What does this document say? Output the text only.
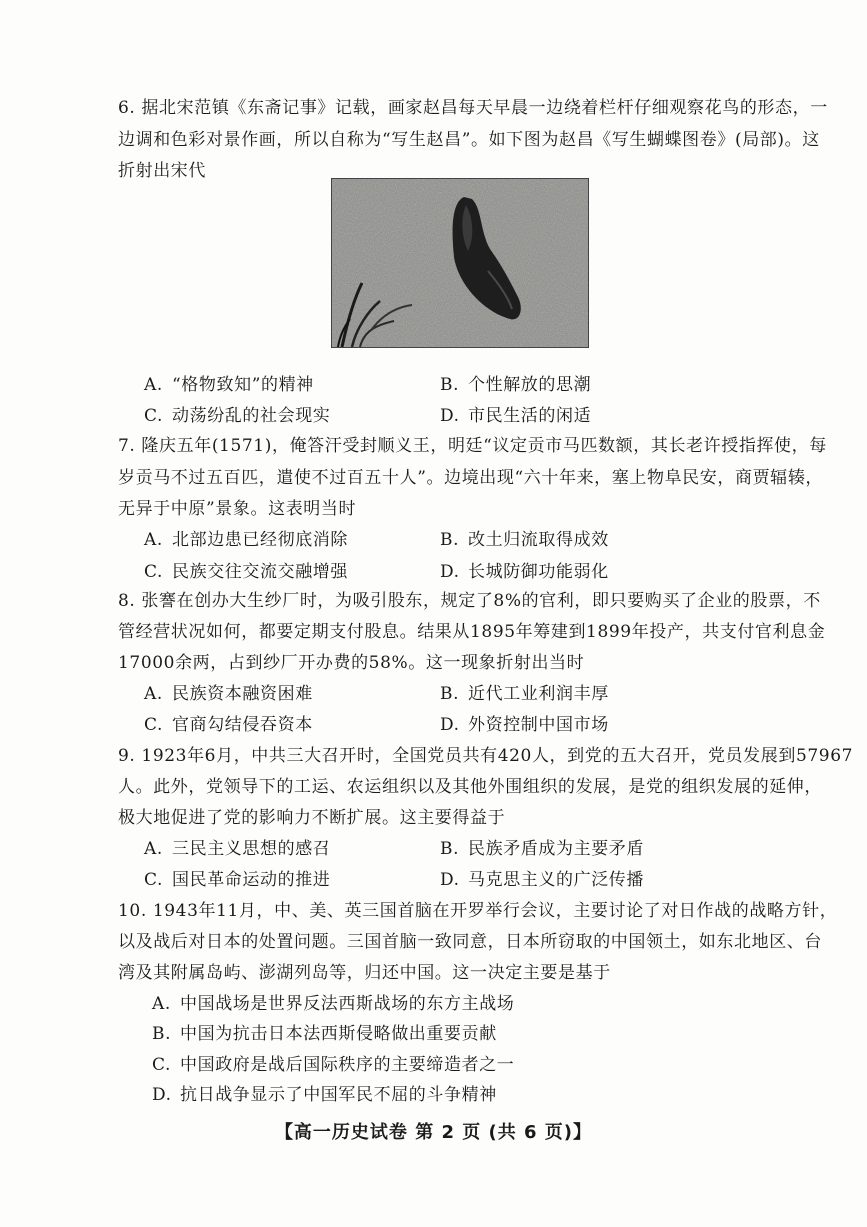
6. 据北宋范镇《东斋记事》记载，画家赵昌每天早晨一边绕着栏杆仔细观察花鸟的形态，一
边调和色彩对景作画，所以自称为“写生赵昌”。如下图为赵昌《写生蝴蝶图卷》(局部)。这
折射出宋代
A. “格物致知”的精神	B. 个性解放的思潮
C. 动荡纷乱的社会现实	D. 市民生活的闲适
7. 隆庆五年(1571)，俺答汗受封顺义王，明廷“议定贡市马匹数额，其长老许授指挥使，每
岁贡马不过五百匹，遣使不过百五十人”。边境出现“六十年来，塞上物阜民安，商贾辐辏，
无异于中原”景象。这表明当时
A. 北部边患已经彻底消除	B. 改土归流取得成效
C. 民族交往交流交融增强	D. 长城防御功能弱化
8. 张謇在创办大生纱厂时，为吸引股东，规定了8%的官利，即只要购买了企业的股票，不
管经营状况如何，都要定期支付股息。结果从1895年筹建到1899年投产，共支付官利息金
17000余两，占到纱厂开办费的58%。这一现象折射出当时
A. 民族资本融资困难	B. 近代工业利润丰厚
C. 官商勾结侵吞资本	D. 外资控制中国市场
9. 1923年6月，中共三大召开时，全国党员共有420人，到党的五大召开，党员发展到57967
人。此外，党领导下的工运、农运组织以及其他外围组织的发展，是党的组织发展的延伸，
极大地促进了党的影响力不断扩展。这主要得益于
A. 三民主义思想的感召	B. 民族矛盾成为主要矛盾
C. 国民革命运动的推进	D. 马克思主义的广泛传播
10. 1943年11月，中、美、英三国首脑在开罗举行会议，主要讨论了对日作战的战略方针，
以及战后对日本的处置问题。三国首脑一致同意，日本所窃取的中国领土，如东北地区、台
湾及其附属岛屿、澎湖列岛等，归还中国。这一决定主要是基于
A. 中国战场是世界反法西斯战场的东方主战场
B. 中国为抗击日本法西斯侵略做出重要贡献
C. 中国政府是战后国际秩序的主要缔造者之一
D. 抗日战争显示了中国军民不屈的斗争精神
【高一历史试卷 第 2 页 (共 6 页)】
